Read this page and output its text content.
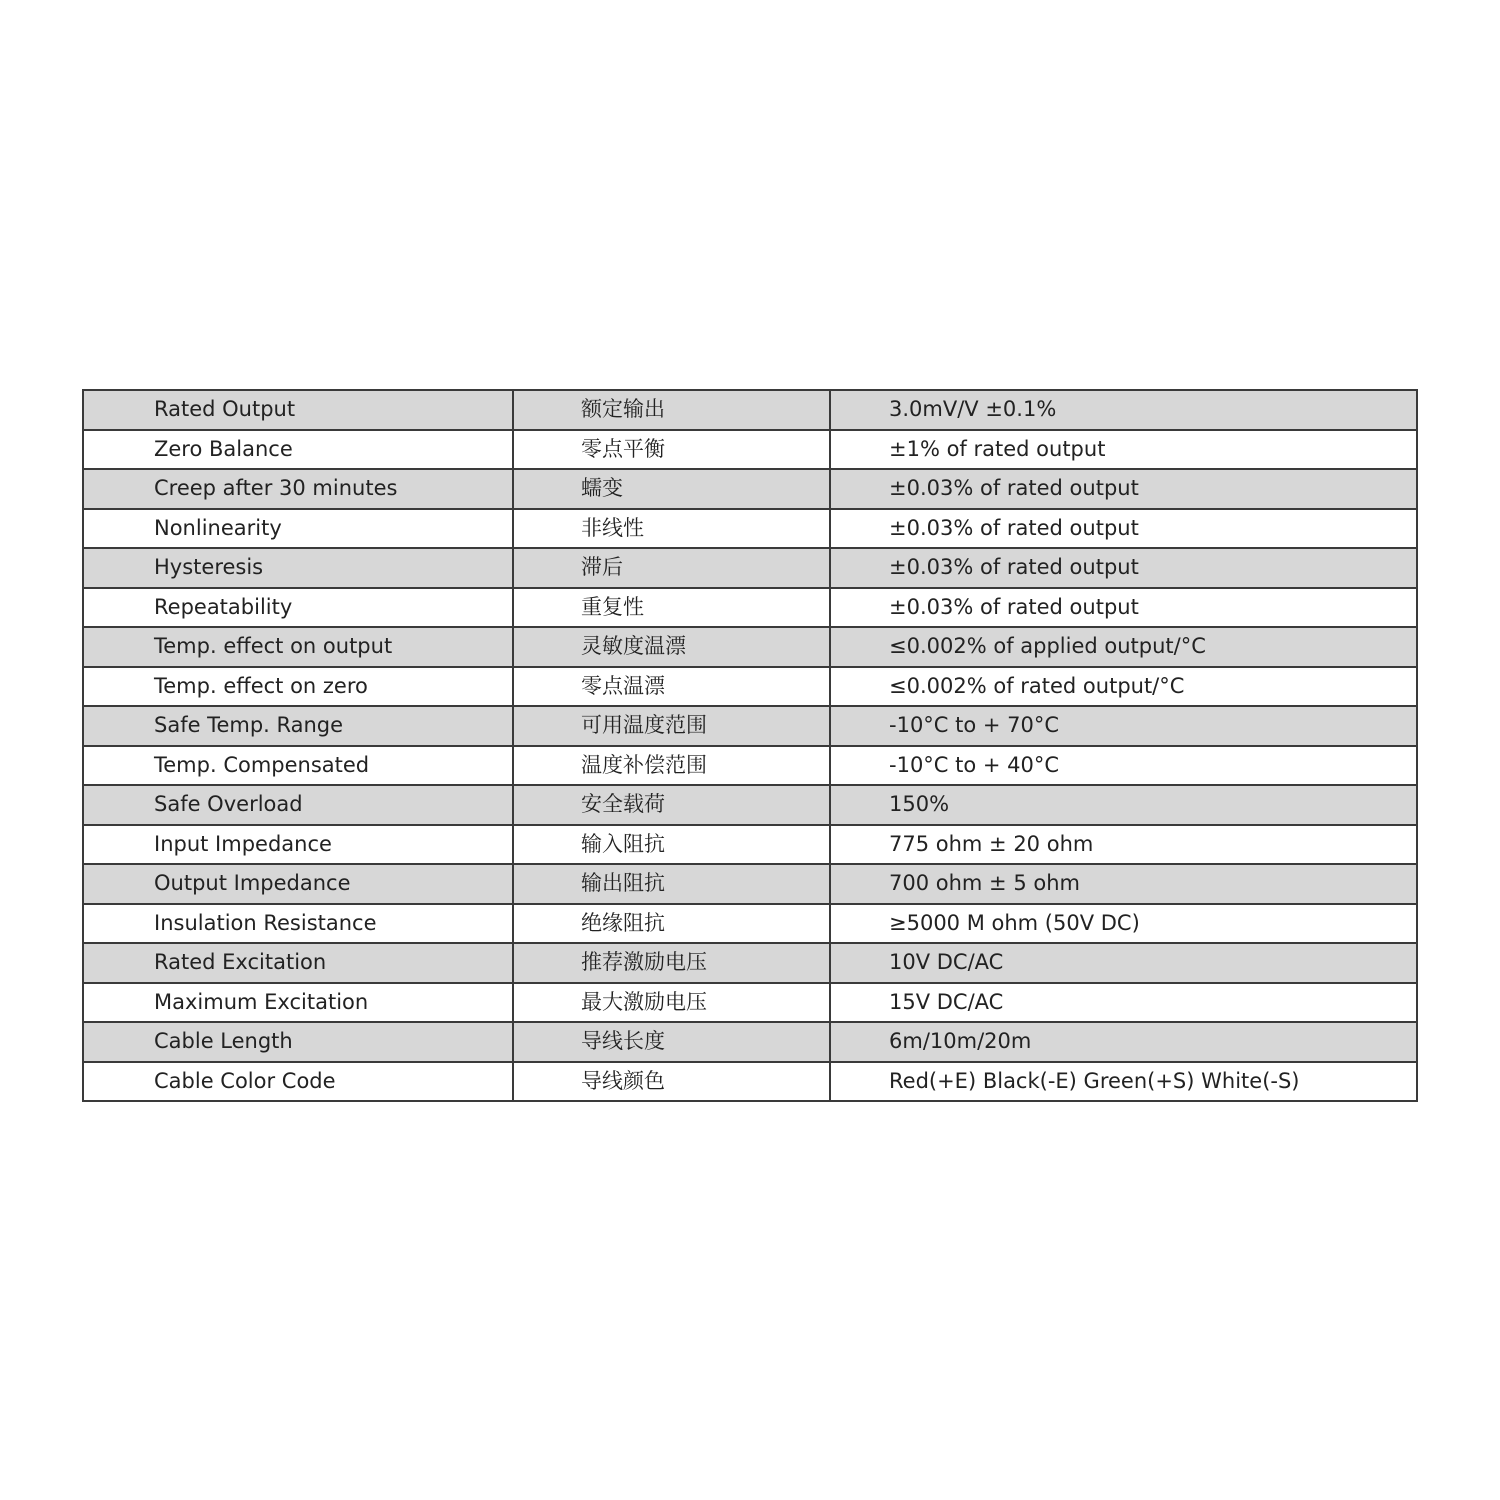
Rated Output	额定输出	3.0mV/V ±0.1%
Zero Balance	零点平衡	±1% of rated output
Creep after 30 minutes	蠕变	±0.03% of rated output
Nonlinearity	非线性	±0.03% of rated output
Hysteresis	滞后	±0.03% of rated output
Repeatability	重复性	±0.03% of rated output
Temp. effect on output	灵敏度温漂	≤0.002% of applied output/°C
Temp. effect on zero	零点温漂	≤0.002% of rated output/°C
Safe Temp. Range	可用温度范围	-10°C to + 70°C
Temp. Compensated	温度补偿范围	-10°C to + 40°C
Safe Overload	安全载荷	150%
Input Impedance	输入阻抗	775 ohm ± 20 ohm
Output Impedance	输出阻抗	700 ohm ± 5 ohm
Insulation Resistance	绝缘阻抗	≥5000 M ohm (50V DC)
Rated Excitation	推荐激励电压	10V DC/AC
Maximum Excitation	最大激励电压	15V DC/AC
Cable Length	导线长度	6m/10m/20m
Cable Color Code	导线颜色	Red(+E) Black(-E) Green(+S) White(-S)
